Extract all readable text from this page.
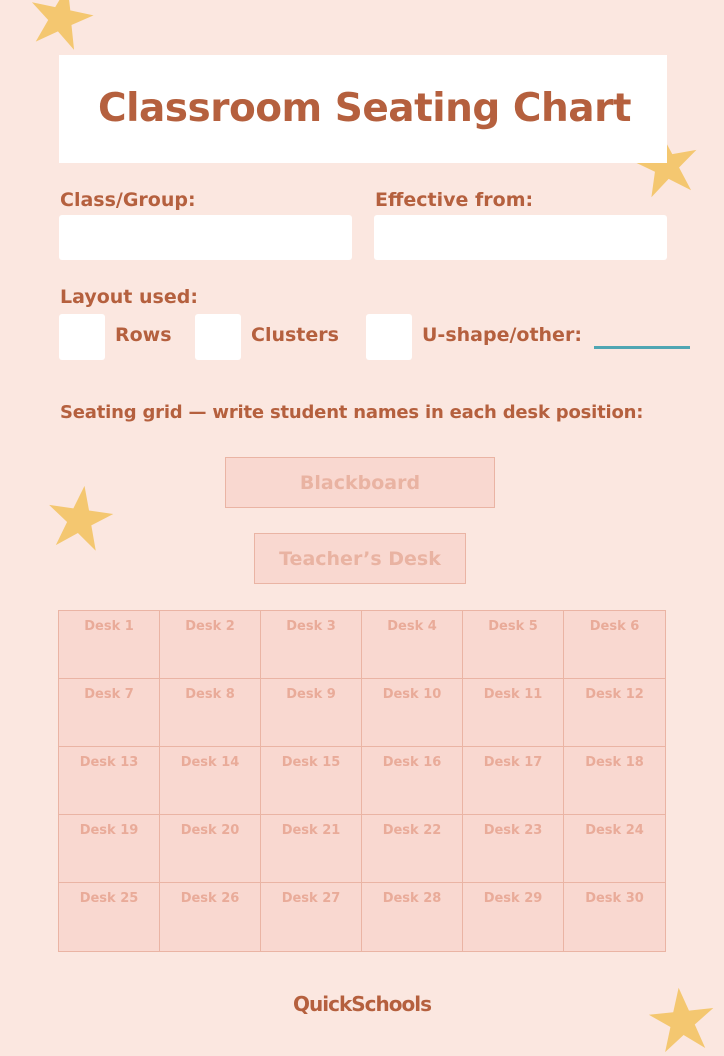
Classroom Seating Chart
Class/Group:	Effective from:
Layout used:
Rows	Clusters	U-shape/other:
Seating grid — write student names in each desk position:
Blackboard
Teacher’s Desk
Desk 1	Desk 2	Desk 3	Desk 4	Desk 5	Desk 6
Desk 7	Desk 8	Desk 9	Desk 10	Desk 11	Desk 12
Desk 13	Desk 14	Desk 15	Desk 16	Desk 17	Desk 18
Desk 19	Desk 20	Desk 21	Desk 22	Desk 23	Desk 24
Desk 25	Desk 26	Desk 27	Desk 28	Desk 29	Desk 30
QuickSchools
